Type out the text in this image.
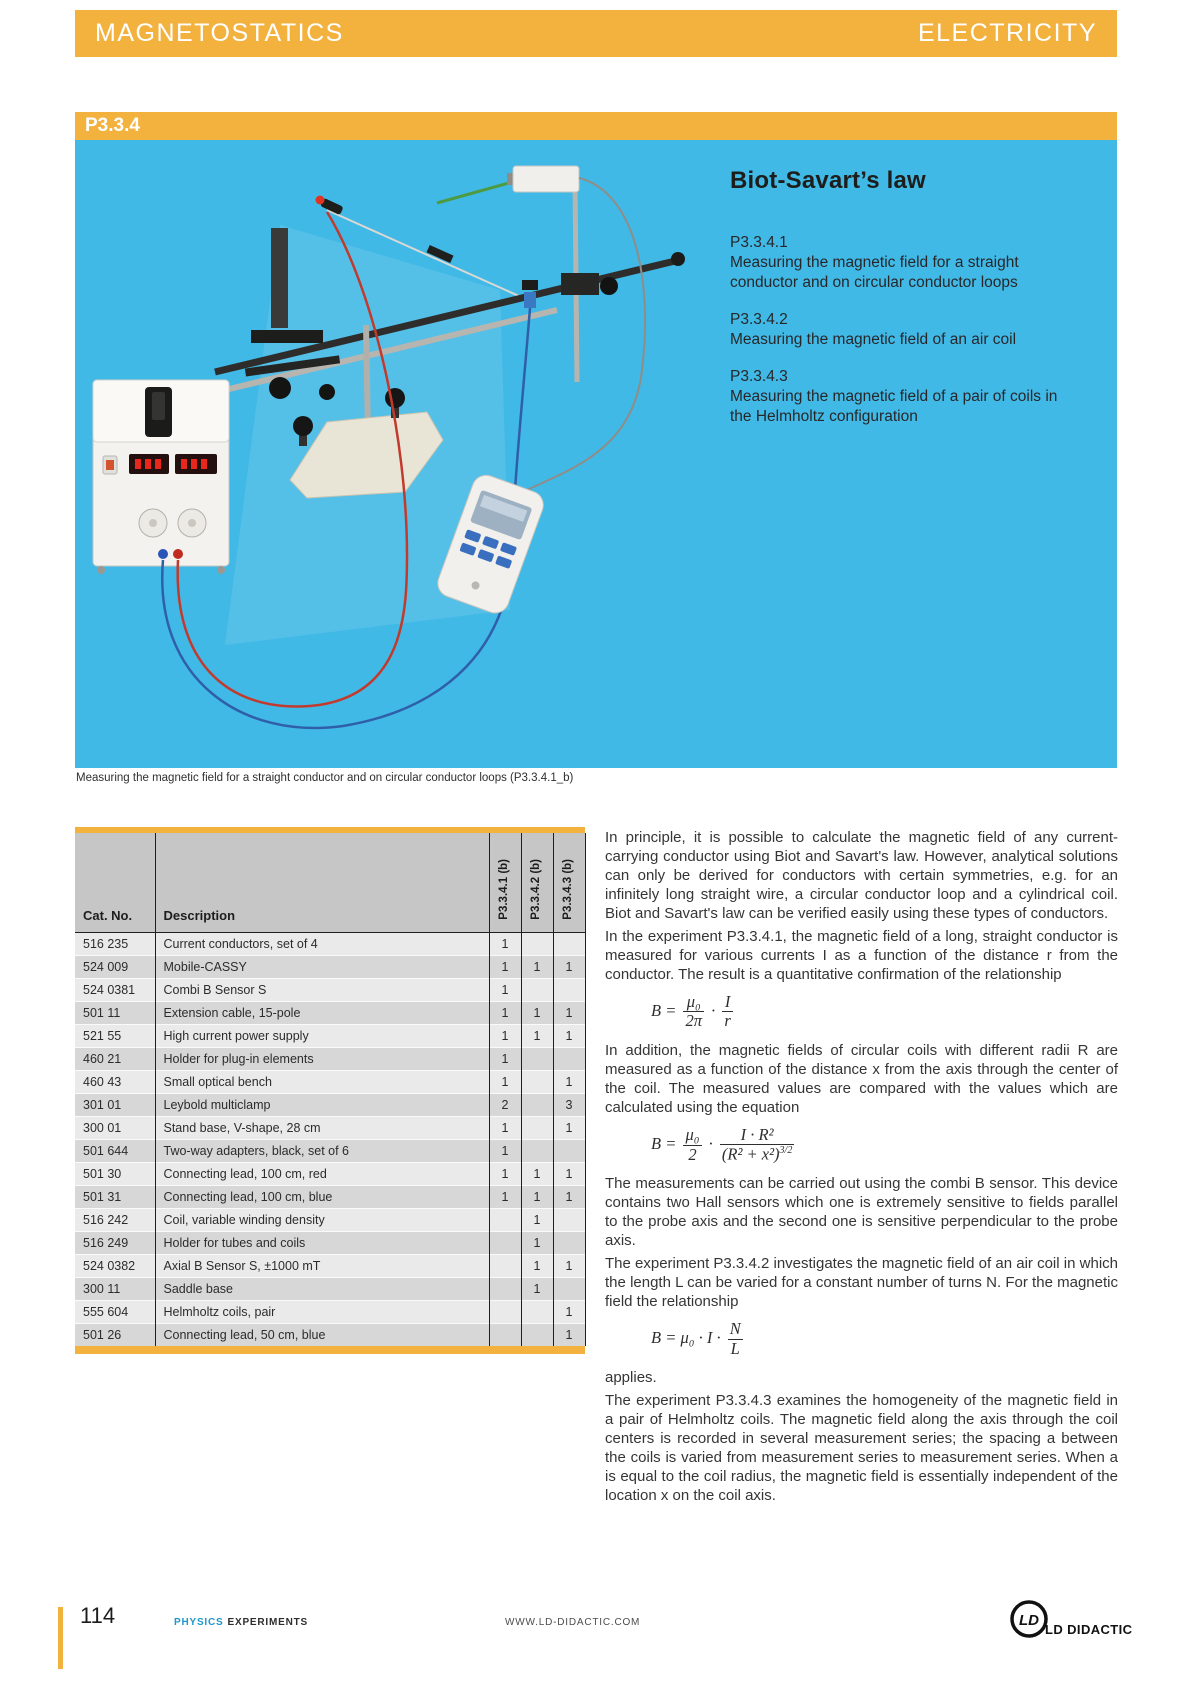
MAGNETOSTATICS	ELECTRICITY
P3.3.4
Biot-Savart’s law
P3.3.4.1
Measuring the magnetic field for a straight conductor and on circular conductor loops
P3.3.4.2
Measuring the magnetic field of an air coil
P3.3.4.3
Measuring the magnetic field of a pair of coils in the Helmholtz configuration
Measuring the magnetic field for a straight conductor and on circular conductor loops (P3.3.4.1_b)
Cat. No.	Description	P3.3.4.1 (b)	P3.3.4.2 (b)	P3.3.4.3 (b)
516 235	Current conductors, set of 4	1		
524 009	Mobile-CASSY	1	1	1
524 0381	Combi B Sensor S	1		
501 11	Extension cable, 15-pole	1	1	1
521 55	High current power supply	1	1	1
460 21	Holder for plug-in elements	1		
460 43	Small optical bench	1		1
301 01	Leybold multiclamp	2		3
300 01	Stand base, V-shape, 28 cm	1		1
501 644	Two-way adapters, black, set of 6	1		
501 30	Connecting lead, 100 cm, red	1	1	1
501 31	Connecting lead, 100 cm, blue	1	1	1
516 242	Coil, variable winding density		1	
516 249	Holder for tubes and coils		1	
524 0382	Axial B Sensor S, ±1000 mT		1	1
300 11	Saddle base		1	
555 604	Helmholtz coils, pair			1
501 26	Connecting lead, 50 cm, blue			1

In principle, it is possible to calculate the magnetic field of any current-carrying conductor using Biot and Savart's law. However, analytical solutions can only be derived for conductors with certain symmetries, e.g. for an infinitely long straight wire, a circular conductor loop and a cylindrical coil. Biot and Savart's law can be verified easily using these types of conductors.

In the experiment P3.3.4.1, the magnetic field of a long, straight conductor is measured for various currents I as a function of the distance r from the conductor. The result is a quantitative confirmation of the relationship

$B = \frac{\text{μ₀}}{2\pi} \cdot \frac{I}{r}$

In addition, the magnetic fields of circular coils with different radii R are measured as a function of the distance x from the axis through the center of the coil. The measured values are compared with the values which are calculated using the equation

$B = \frac{\text{μ₀}}{2} \cdot \frac{\text{I · R²}}{(R^2 + x^2)^{3/2}}$

The measurements can be carried out using the combi B sensor. This device contains two Hall sensors which one is extremely sensitive to fields parallel to the probe axis and the second one is sensitive perpendicular to the probe axis.

The experiment P3.3.4.2 investigates the magnetic field of an air coil in which the length L can be varied for a constant number of turns N. For the magnetic field the relationship

$B = \mu_0 \cdot I \cdot \frac{N}{L}$

applies.

The experiment P3.3.4.3 examines the homogeneity of the magnetic field in a pair of Helmholtz coils. The magnetic field along the axis through the coil centers is recorded in several measurement series; the spacing a between the coils is varied from measurement series to measurement series. When a is equal to the coil radius, the magnetic field is essentially independent of the location x on the coil axis.

114	PHYSICS EXPERIMENTS	WWW.LD-DIDACTIC.COM	LD
LD DIDACTIC
